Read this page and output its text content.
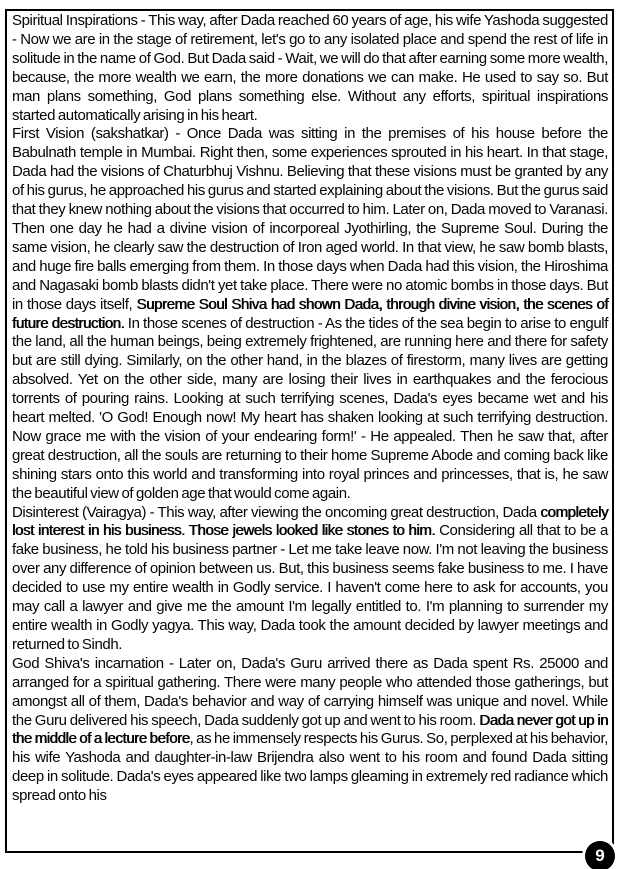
Spiritual Inspirations - This way, after Dada reached 60 years of age, his wife Yashoda suggested - Now we are in the stage of retirement, let's go to any isolated place and spend the rest of life in solitude in the name of God. But Dada said - Wait, we will do that after earning some more wealth, because, the more wealth we earn, the more donations we can make. He used to say so. But man plans something, God plans something else. Without any efforts, spiritual inspirations started automatically arising in his heart.

First Vision (sakshatkar) - Once Dada was sitting in the premises of his house before the Babulnath temple in Mumbai. Right then, some experiences sprouted in his heart. In that stage, Dada had the visions of Chaturbhuj Vishnu. Believing that these visions must be granted by any of his gurus, he approached his gurus and started explaining about the visions. But the gurus said that they knew nothing about the visions that occurred to him. Later on, Dada moved to Varanasi. Then one day he had a divine vision of incorporeal Jyothirling, the Supreme Soul. During the same vision, he clearly saw the destruction of Iron aged world. In that view, he saw bomb blasts, and huge fire balls emerging from them. In those days when Dada had this vision, the Hiroshima and Nagasaki bomb blasts didn't yet take place. There were no atomic bombs in those days. But in those days itself, Supreme Soul Shiva had shown Dada, through divine vision, the scenes of future destruction. In those scenes of destruction - As the tides of the sea begin to arise to engulf the land, all the human beings, being extremely frightened, are running here and there for safety but are still dying. Similarly, on the other hand, in the blazes of firestorm, many lives are getting absolved. Yet on the other side, many are losing their lives in earthquakes and the ferocious torrents of pouring rains. Looking at such terrifying scenes, Dada's eyes became wet and his heart melted. 'O God! Enough now! My heart has shaken looking at such terrifying destruction. Now grace me with the vision of your endearing form!' - He appealed. Then he saw that, after great destruction, all the souls are returning to their home Supreme Abode and coming back like shining stars onto this world and transforming into royal princes and princesses, that is, he saw the beautiful view of golden age that would come again.

Disinterest (Vairagya) - This way, after viewing the oncoming great destruction, Dada completely lost interest in his business. Those jewels looked like stones to him. Considering all that to be a fake business, he told his business partner - Let me take leave now. I'm not leaving the business over any difference of opinion between us. But, this business seems fake business to me. I have decided to use my entire wealth in Godly service. I haven't come here to ask for accounts, you may call a lawyer and give me the amount I'm legally entitled to. I'm planning to surrender my entire wealth in Godly yagya. This way, Dada took the amount decided by lawyer meetings and returned to Sindh.

God Shiva's incarnation - Later on, Dada's Guru arrived there as Dada spent Rs. 25000 and arranged for a spiritual gathering. There were many people who attended those gatherings, but amongst all of them, Dada's behavior and way of carrying himself was unique and novel. While the Guru delivered his speech, Dada suddenly got up and went to his room. Dada never got up in the middle of a lecture before, as he immensely respects his Gurus. So, perplexed at his behavior, his wife Yashoda and daughter-in-law Brijendra also went to his room and found Dada sitting deep in solitude. Dada's eyes appeared like two lamps gleaming in extremely red radiance which spread onto his

9
